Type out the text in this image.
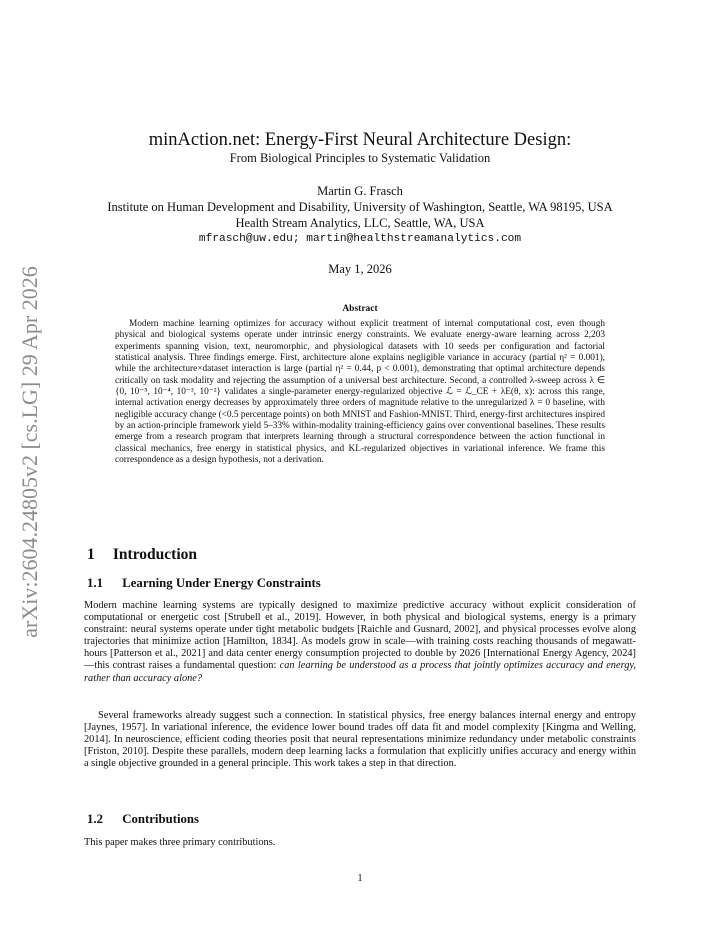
arXiv:2604.24805v2 [cs.LG] 29 Apr 2026
minAction.net: Energy-First Neural Architecture Design:
From Biological Principles to Systematic Validation
Martin G. Frasch
Institute on Human Development and Disability, University of Washington, Seattle, WA 98195, USA
Health Stream Analytics, LLC, Seattle, WA, USA
mfrasch@uw.edu; martin@healthstreamanalytics.com
May 1, 2026
Abstract
Modern machine learning optimizes for accuracy without explicit treatment of internal computational cost, even though physical and biological systems operate under intrinsic energy constraints. We evaluate energy-aware learning across 2,203 experiments spanning vision, text, neuromorphic, and physiological datasets with 10 seeds per configuration and factorial statistical analysis. Three findings emerge. First, architecture alone explains negligible variance in accuracy (partial η² = 0.001), while the architecture×dataset interaction is large (partial η² = 0.44, p < 0.001), demonstrating that optimal architecture depends critically on task modality and rejecting the assumption of a universal best architecture. Second, a controlled λ-sweep across λ ∈ {0, 10⁻⁵, 10⁻⁴, 10⁻³, 10⁻²} validates a single-parameter energy-regularized objective ℒ = ℒ_CE + λE(θ, x): across this range, internal activation energy decreases by approximately three orders of magnitude relative to the unregularized λ = 0 baseline, with negligible accuracy change (<0.5 percentage points) on both MNIST and Fashion-MNIST. Third, energy-first architectures inspired by an action-principle framework yield 5–33% within-modality training-efficiency gains over conventional baselines. These results emerge from a research program that interprets learning through a structural correspondence between the action functional in classical mechanics, free energy in statistical physics, and KL-regularized objectives in variational inference. We frame this correspondence as a design hypothesis, not a derivation.
1 Introduction
1.1 Learning Under Energy Constraints
Modern machine learning systems are typically designed to maximize predictive accuracy without explicit consideration of computational or energetic cost [Strubell et al., 2019]. However, in both physical and biological systems, energy is a primary constraint: neural systems operate under tight metabolic budgets [Raichle and Gusnard, 2002], and physical processes evolve along trajectories that minimize action [Hamilton, 1834]. As models grow in scale—with training costs reaching thousands of megawatt-hours [Patterson et al., 2021] and data center energy consumption projected to double by 2026 [International Energy Agency, 2024]—this contrast raises a fundamental question: can learning be understood as a process that jointly optimizes accuracy and energy, rather than accuracy alone?
Several frameworks already suggest such a connection. In statistical physics, free energy balances internal energy and entropy [Jaynes, 1957]. In variational inference, the evidence lower bound trades off data fit and model complexity [Kingma and Welling, 2014]. In neuroscience, efficient coding theories posit that neural representations minimize redundancy under metabolic constraints [Friston, 2010]. Despite these parallels, modern deep learning lacks a formulation that explicitly unifies accuracy and energy within a single objective grounded in a general principle. This work takes a step in that direction.
1.2 Contributions
This paper makes three primary contributions.
1
